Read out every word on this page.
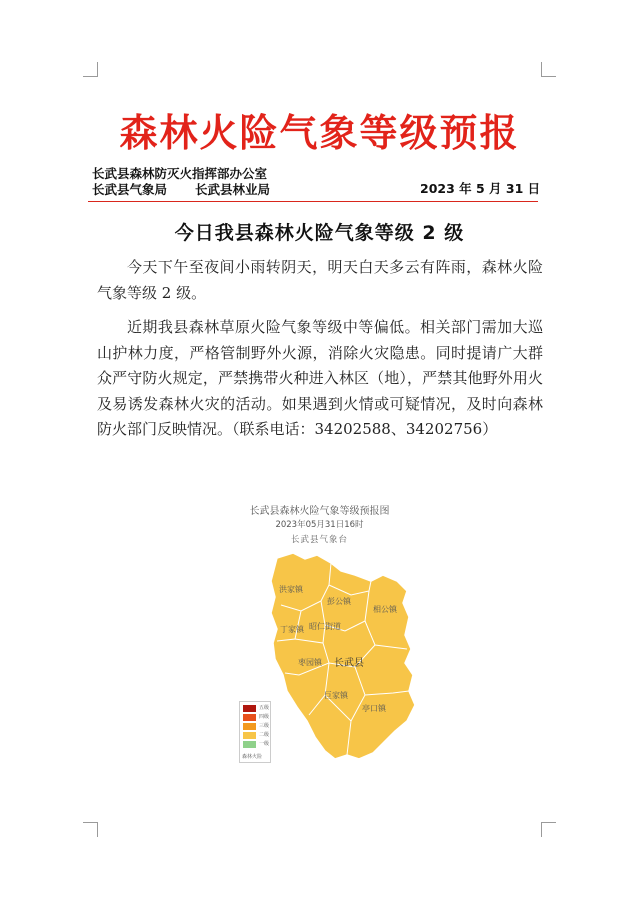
森林火险气象等级预报
长武县森林防灭火指挥部办公室
长武县气象局 长武县林业局	2023 年 5 月 31 日
今日我县森林火险气象等级 2 级
今天下午至夜间小雨转阴天，明天白天多云有阵雨，森林火险气象等级 2 级。
近期我县森林草原火险气象等级中等偏低。相关部门需加大巡山护林力度，严格管制野外火源，消除火灾隐患。同时提请广大群众严守防火规定，严禁携带火种进入林区（地），严禁其他野外用火及易诱发森林火灾的活动。如果遇到火情或可疑情况，及时向森林防火部门反映情况。（联系电话：34202588、34202756）
长武县森林火险气象等级预报图
2023年05月31日16时
长武县气象台
洪家镇
彭公镇
相公镇
丁家镇 昭仁街道
枣园镇 长武县
巨家镇
亭口镇
五级
四级
三级
二级
一级
森林火险
